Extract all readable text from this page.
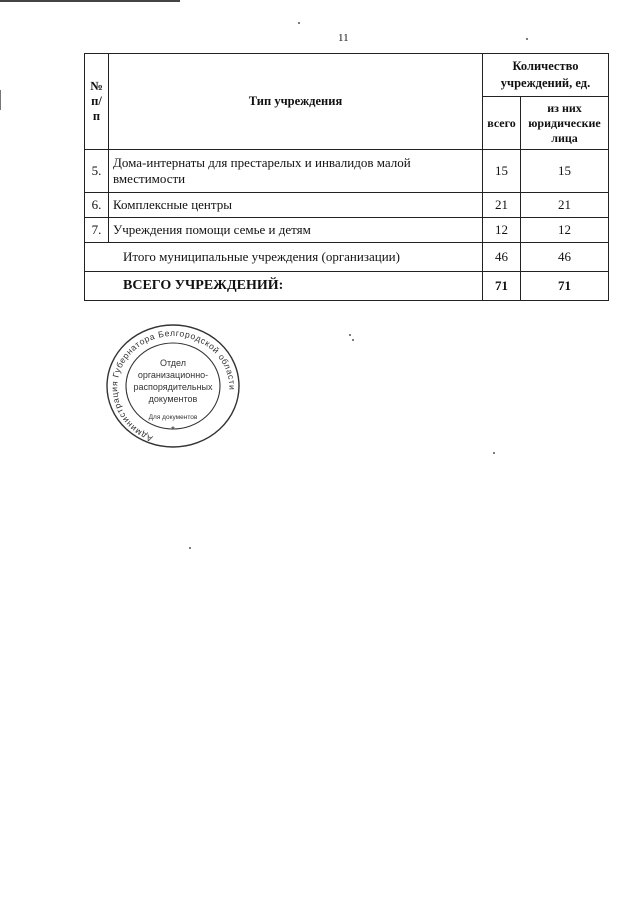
11
№ п/п	Тип учреждения	Количество учреждений, ед.	
		всего	из них юридические лица
5.	Дома-интернаты для престарелых и инвалидов малой вместимости	15	15
6.	Комплексные центры	21	21
7.	Учреждения помощи семье и детям	12	12
Итого муниципальные учреждения (организации)		46	46
ВСЕГО УЧРЕЖДЕНИЙ:		71	71
Администрация Губернатора Белгородской области
Отдел
организационно-
распорядительных
документов
Для документов
*
